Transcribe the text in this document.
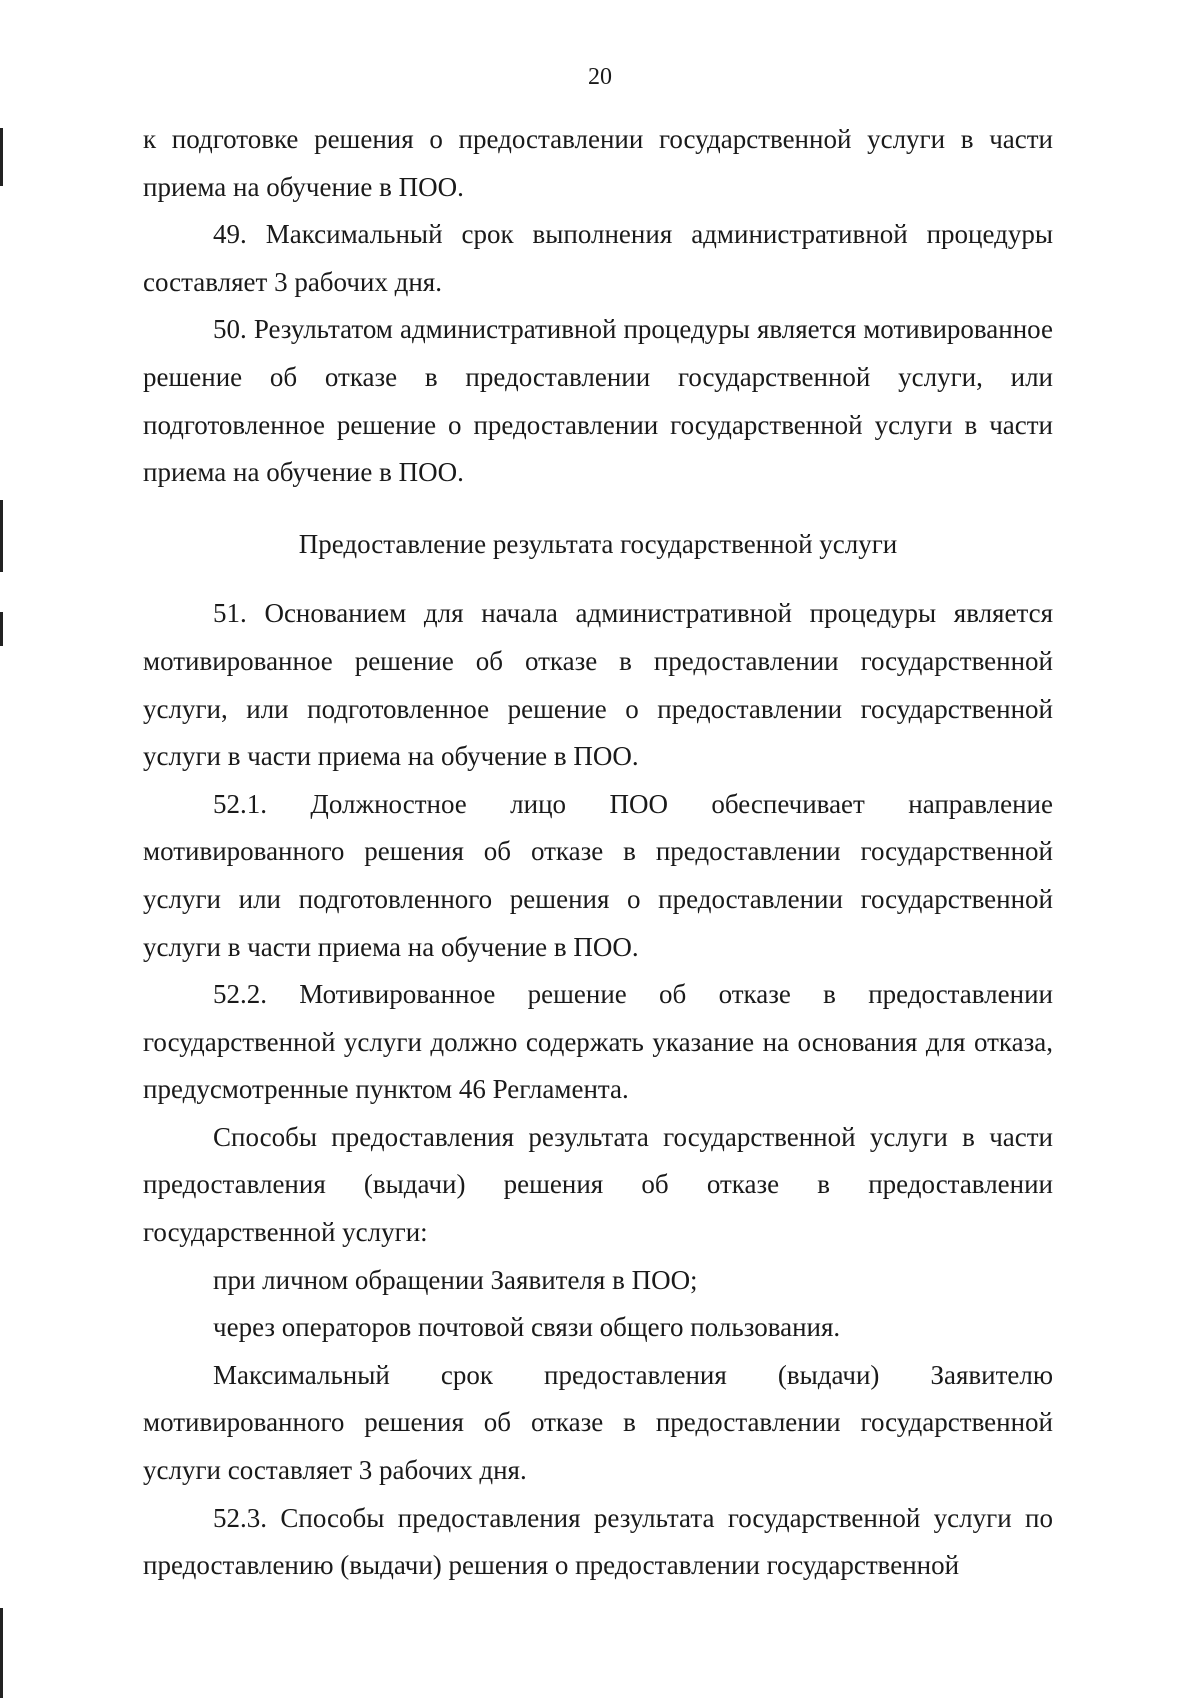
20

к подготовке решения о предоставлении государственной услуги в части приема на обучение в ПОО.

49. Максимальный срок выполнения административной процедуры составляет 3 рабочих дня.

50. Результатом административной процедуры является мотивированное решение об отказе в предоставлении государственной услуги, или подготовленное решение о предоставлении государственной услуги в части приема на обучение в ПОО.

Предоставление результата государственной услуги

51. Основанием для начала административной процедуры является мотивированное решение об отказе в предоставлении государственной услуги, или подготовленное решение о предоставлении государственной услуги в части приема на обучение в ПОО.

52.1. Должностное лицо ПОО обеспечивает направление мотивированного решения об отказе в предоставлении государственной услуги или подготовленного решения о предоставлении государственной услуги в части приема на обучение в ПОО.

52.2. Мотивированное решение об отказе в предоставлении государственной услуги должно содержать указание на основания для отказа, предусмотренные пунктом 46 Регламента.

Способы предоставления результата государственной услуги в части предоставления (выдачи) решения об отказе в предоставлении государственной услуги:

при личном обращении Заявителя в ПОО;

через операторов почтовой связи общего пользования.

Максимальный срок предоставления (выдачи) Заявителю мотивированного решения об отказе в предоставлении государственной услуги составляет 3 рабочих дня.

52.3. Способы предоставления результата государственной услуги по предоставлению (выдачи) решения о предоставлении государственной
